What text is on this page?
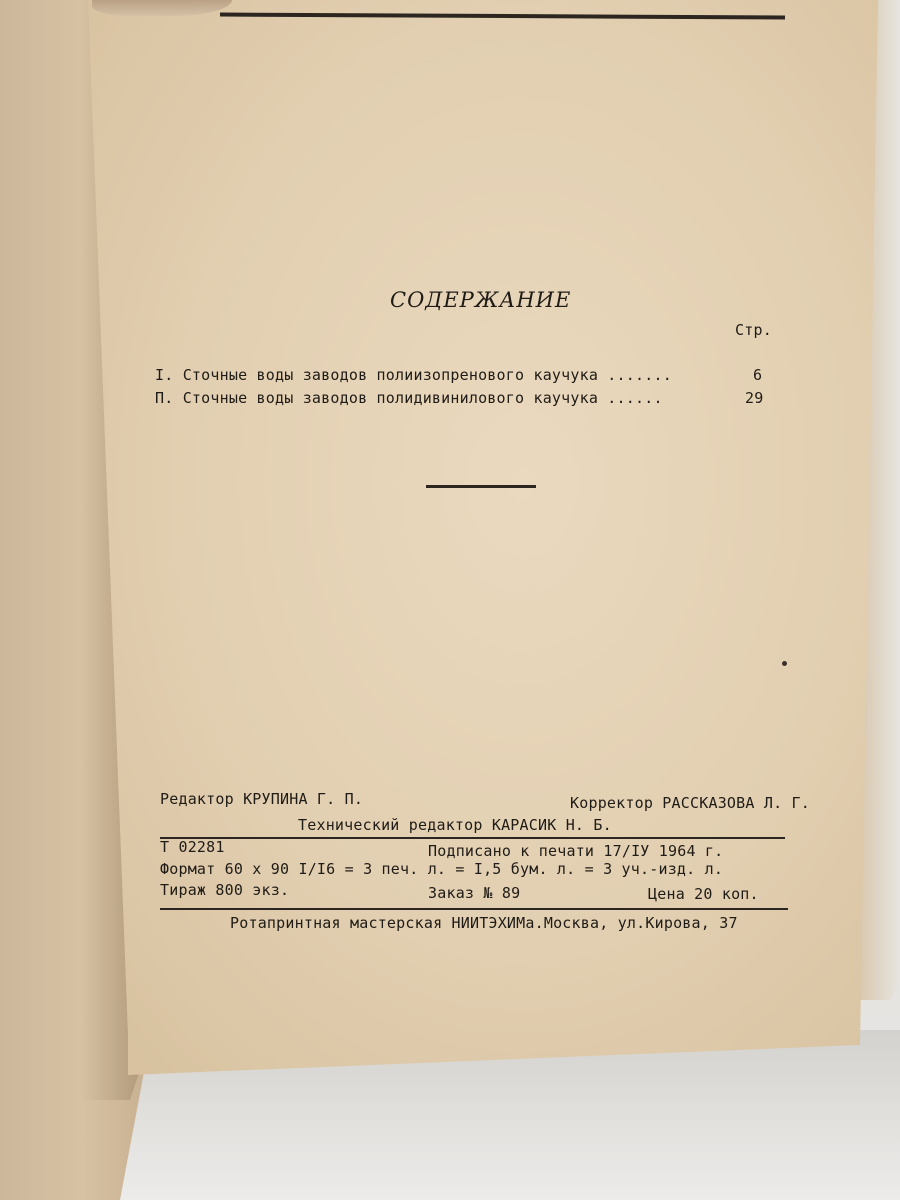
СОДЕРЖАНИЕ
Стр.
I. Сточные воды заводов полиизопренового каучука .......	6
П. Сточные воды заводов полидивинилового каучука ......	29
Редактор КРУПИНА Г. П.	Корректор РАССКАЗОВА Л. Г.
Технический редактор КАРАСИК Н. Б.
Т 02281	Подписано к печати 17/IУ 1964 г.
Формат 60 х 90 I/I6 = 3 печ. л. = I,5 бум. л. = 3 уч.-изд. л.
Тираж 800 экз.	Заказ № 89	Цена 20 коп.
Ротапринтная мастерская НИИТЭХИМа.Москва, ул.Кирова, 37
